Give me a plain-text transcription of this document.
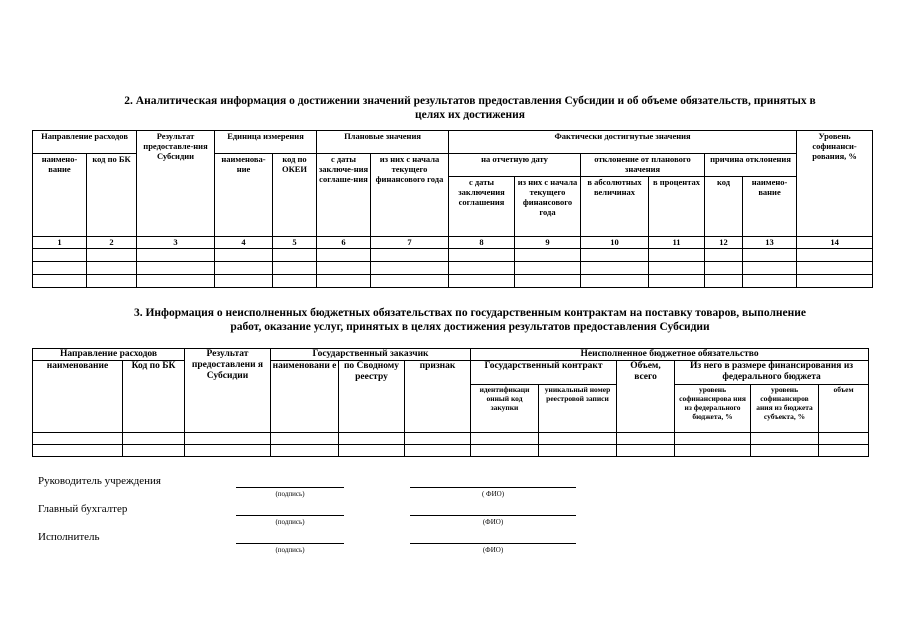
2. Аналитическая информация о достижении значений результатов предоставления Субсидии и об объеме обязательств, принятых в
целях их достижения
Направление расходов		Результат предоставле-ния Субсидии	Единица измерения		Плановые значения		Фактически достигнутые значения						Уровень софинанси-рования, %
наимено-вание	код по БК		наименова-ние	код по ОКЕИ	с даты заключе-ния соглаше-ния	из них с начала текущего финансового года	на отчетную дату		отклонение от планового значения		причина отклонения		
							с даты заключения соглашения	из них с начала текущего финансового года	в абсолютных величинах	в процентах	код	наимено-вание	
1	2	3	4	5	6	7	8	9	10	11	12	13	14

3. Информация о неисполненных бюджетных обязательствах по государственным контрактам на поставку товаров, выполнение
работ, оказание услуг, принятых в целях достижения результатов предоставления Субсидии
Направление расходов		Результат предоставлени я Субсидии	Государственный заказчик			Неисполненное бюджетное обязательство					
наименование	Код по БК		наименовани е	по Сводному реестру	признак	Государственный контракт		Объем, всего	Из него в размере финансирования из федерального бюджета		
						идентификаци онный код закупки	уникальный номер реестровой записи		уровень софинансирова ния из федерального бюджета, %	уровень софинансиров ания из бюджета субъекта, %	объем

Руководитель учреждения
(подпись)	( ФИО)
Главный бухгалтер
(подпись)	(ФИО)
Исполнитель
(подпись)	(ФИО)
